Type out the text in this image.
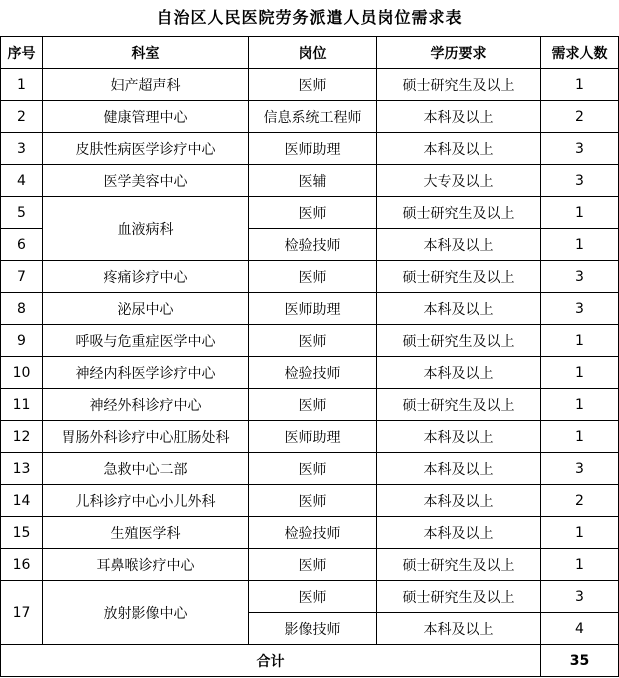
自治区人民医院劳务派遣人员岗位需求表
序号	科室	岗位	学历要求	需求人数
1	妇产超声科	医师	硕士研究生及以上	1
2	健康管理中心	信息系统工程师	本科及以上	2
3	皮肤性病医学诊疗中心	医师助理	本科及以上	3
4	医学美容中心	医辅	大专及以上	3
5	血液病科	医师	硕士研究生及以上	1
6		检验技师	本科及以上	1
7	疼痛诊疗中心	医师	硕士研究生及以上	3
8	泌尿中心	医师助理	本科及以上	3
9	呼吸与危重症医学中心	医师	硕士研究生及以上	1
10	神经内科医学诊疗中心	检验技师	本科及以上	1
11	神经外科诊疗中心	医师	硕士研究生及以上	1
12	胃肠外科诊疗中心肛肠处科	医师助理	本科及以上	1
13	急救中心二部	医师	本科及以上	3
14	儿科诊疗中心小儿外科	医师	本科及以上	2
15	生殖医学科	检验技师	本科及以上	1
16	耳鼻喉诊疗中心	医师	硕士研究生及以上	1
17	放射影像中心	医师	硕士研究生及以上	3
		影像技师	本科及以上	4
合计				35
